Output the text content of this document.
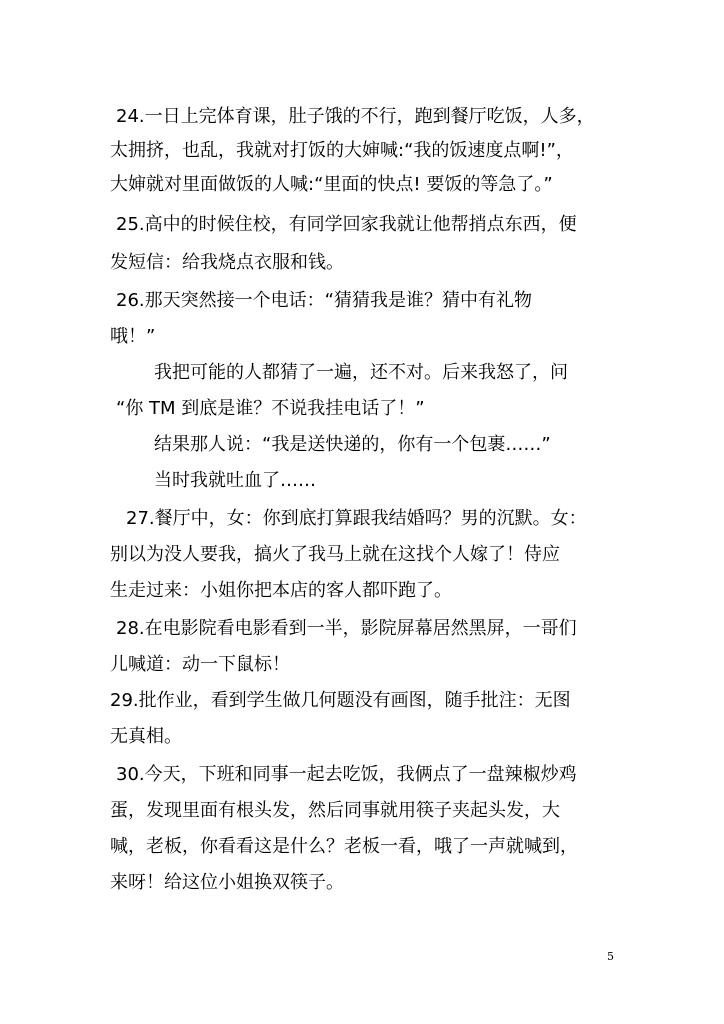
24.一日上完体育课，肚子饿的不行，跑到餐厅吃饭，人多，
太拥挤，也乱，我就对打饭的大婶喊:“我的饭速度点啊!”，
大婶就对里面做饭的人喊:“里面的快点! 要饭的等急了。”
25.高中的时候住校，有同学回家我就让他帮捎点东西，便
发短信：给我烧点衣服和钱。
26.那天突然接一个电话：“猜猜我是谁？猜中有礼物
哦！”
我把可能的人都猜了一遍，还不对。后来我怒了，问
“你 TM 到底是谁？不说我挂电话了！”
结果那人说：“我是送快递的，你有一个包裹……”
当时我就吐血了……
27.餐厅中，女：你到底打算跟我结婚吗？男的沉默。女：
别以为没人要我，搞火了我马上就在这找个人嫁了！侍应
生走过来：小姐你把本店的客人都吓跑了。
28.在电影院看电影看到一半，影院屏幕居然黑屏，一哥们
儿喊道：动一下鼠标！
29.批作业，看到学生做几何题没有画图，随手批注：无图
无真相。
30.今天，下班和同事一起去吃饭，我俩点了一盘辣椒炒鸡
蛋，发现里面有根头发，然后同事就用筷子夹起头发，大
喊，老板，你看看这是什么？老板一看，哦了一声就喊到，
来呀！给这位小姐换双筷子。
5
